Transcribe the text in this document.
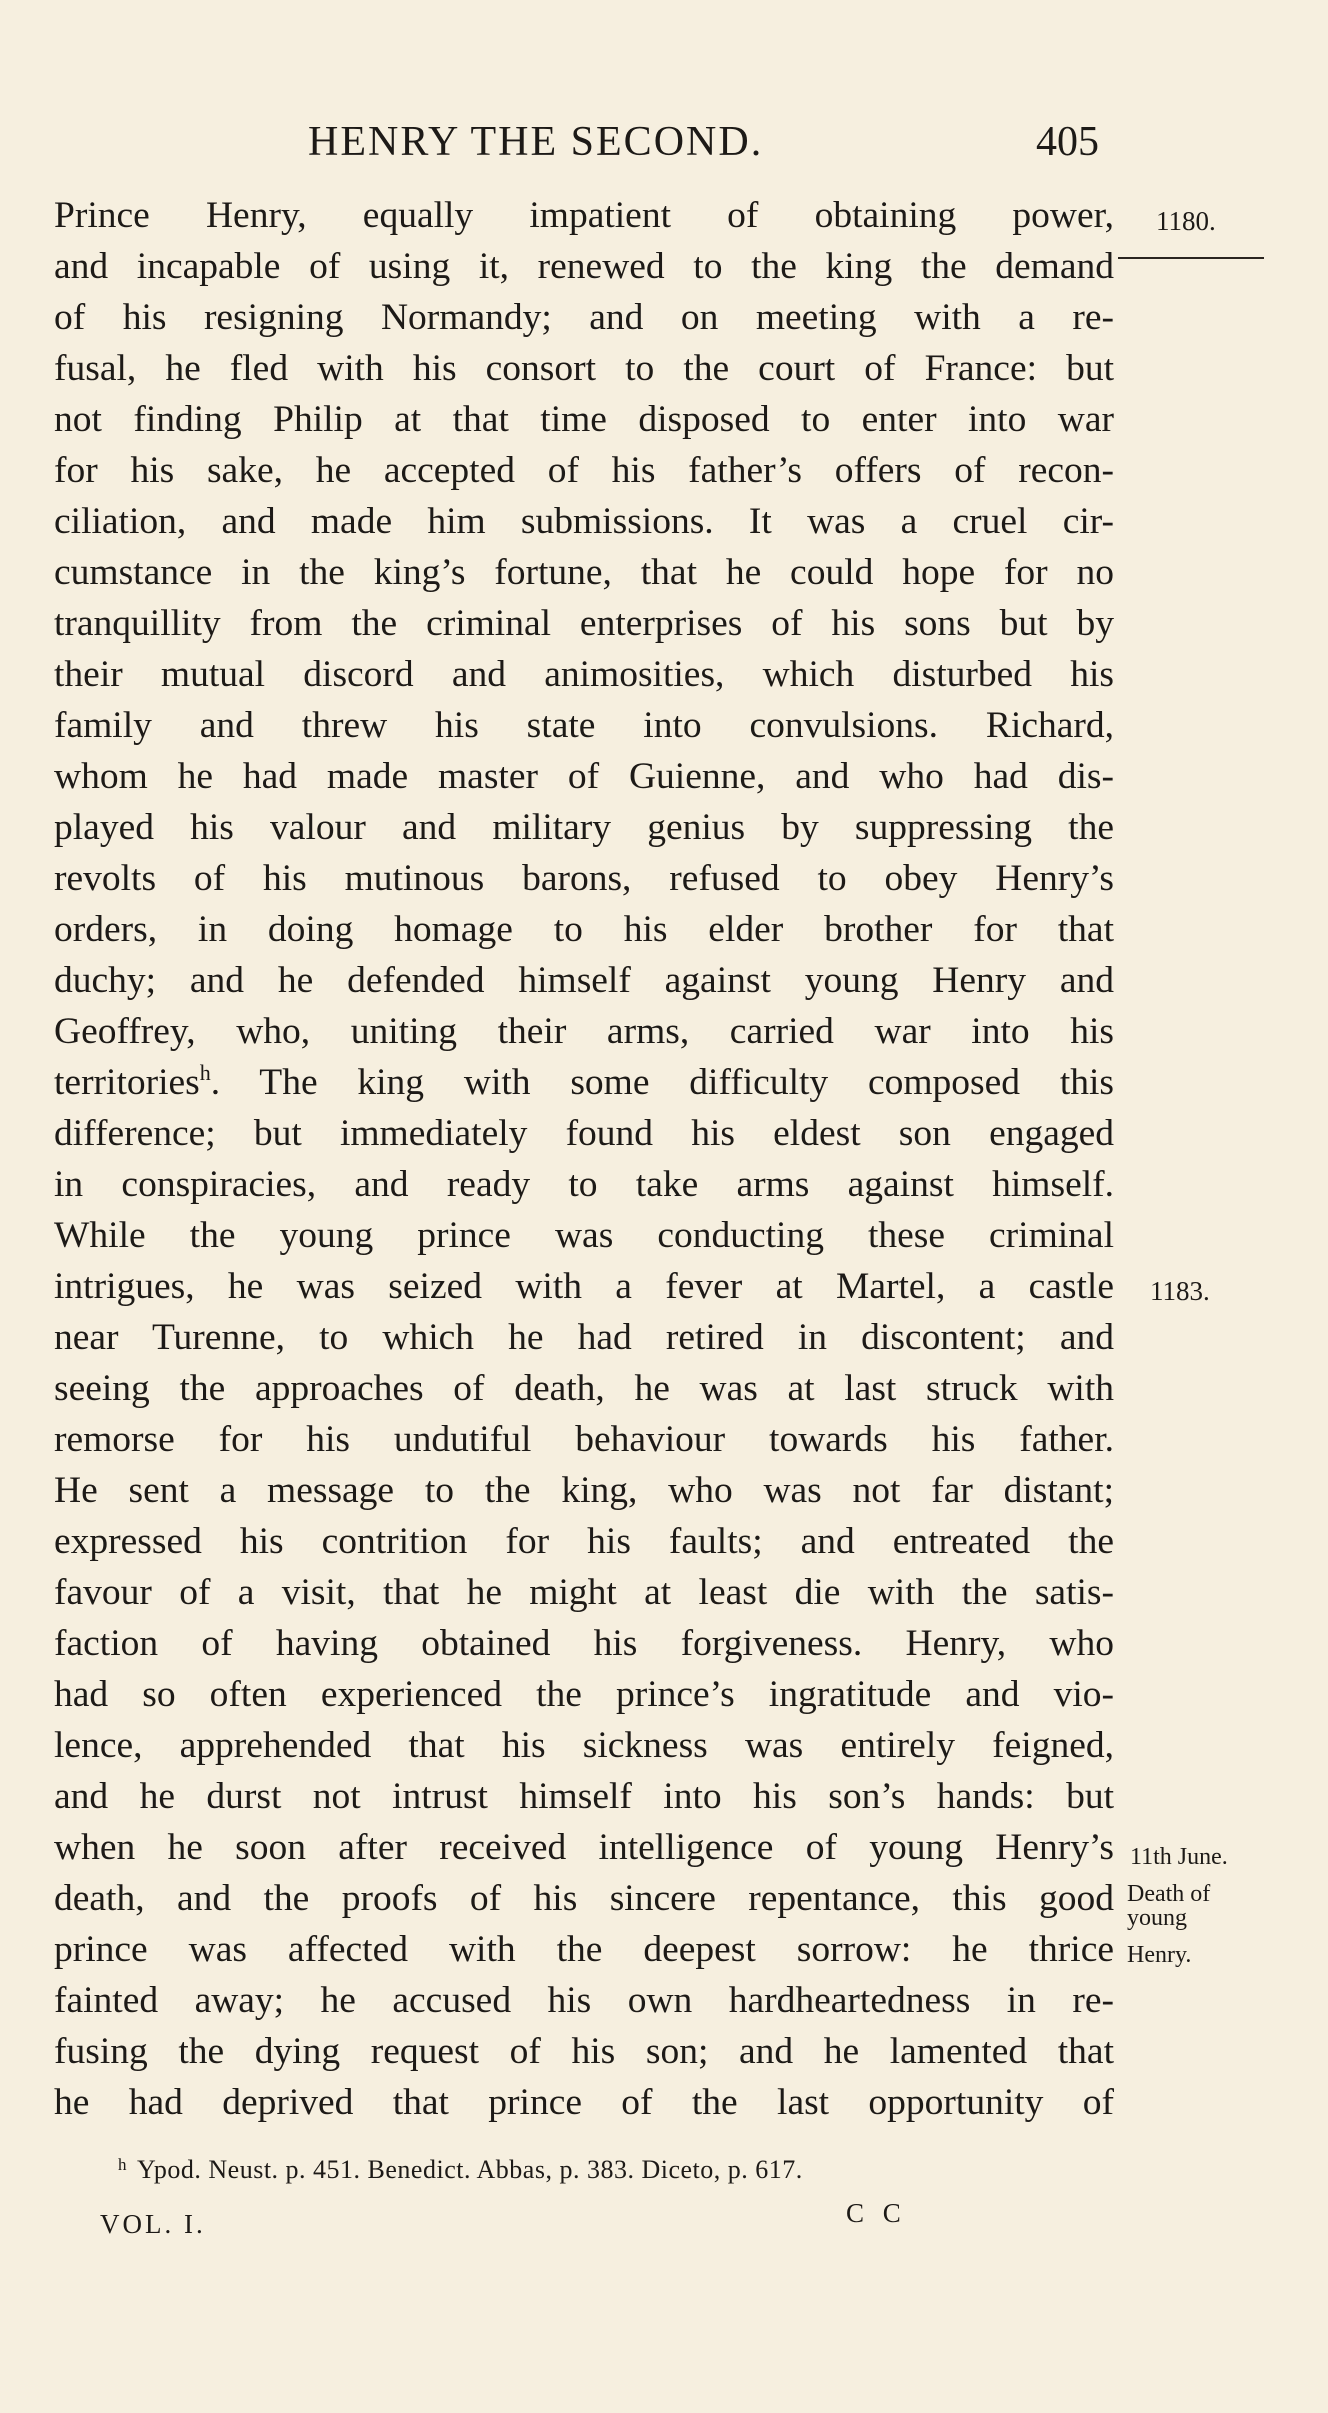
HENRY THE SECOND.	405
Prince Henry, equally impatient of obtaining power,
and incapable of using it, renewed to the king the demand
of his resigning Normandy; and on meeting with a re-
fusal, he fled with his consort to the court of France: but
not finding Philip at that time disposed to enter into war
for his sake, he accepted of his father’s offers of recon-
ciliation, and made him submissions. It was a cruel cir-
cumstance in the king’s fortune, that he could hope for no
tranquillity from the criminal enterprises of his sons but by
their mutual discord and animosities, which disturbed his
family and threw his state into convulsions. Richard,
whom he had made master of Guienne, and who had dis-
played his valour and military genius by suppressing the
revolts of his mutinous barons, refused to obey Henry’s
orders, in doing homage to his elder brother for that
duchy; and he defended himself against young Henry and
Geoffrey, who, uniting their arms, carried war into his
territories$^h$. The king with some difficulty composed this
difference; but immediately found his eldest son engaged
in conspiracies, and ready to take arms against himself.
While the young prince was conducting these criminal
intrigues, he was seized with a fever at Martel, a castle
near Turenne, to which he had retired in discontent; and
seeing the approaches of death, he was at last struck with
remorse for his undutiful behaviour towards his father.
He sent a message to the king, who was not far distant;
expressed his contrition for his faults; and entreated the
favour of a visit, that he might at least die with the satis-
faction of having obtained his forgiveness. Henry, who
had so often experienced the prince’s ingratitude and vio-
lence, apprehended that his sickness was entirely feigned,
and he durst not intrust himself into his son’s hands: but
when he soon after received intelligence of young Henry’s
death, and the proofs of his sincere repentance, this good
prince was affected with the deepest sorrow: he thrice
fainted away; he accused his own hardheartedness in re-
fusing the dying request of his son; and he lamented that
he had deprived that prince of the last opportunity of
1180.
1183.
11th June.
Death of
young
Henry.
$^h$ Ypod. Neust. p. 451. Benedict. Abbas, p. 383. Diceto, p. 617.
VOL. I.	C C
